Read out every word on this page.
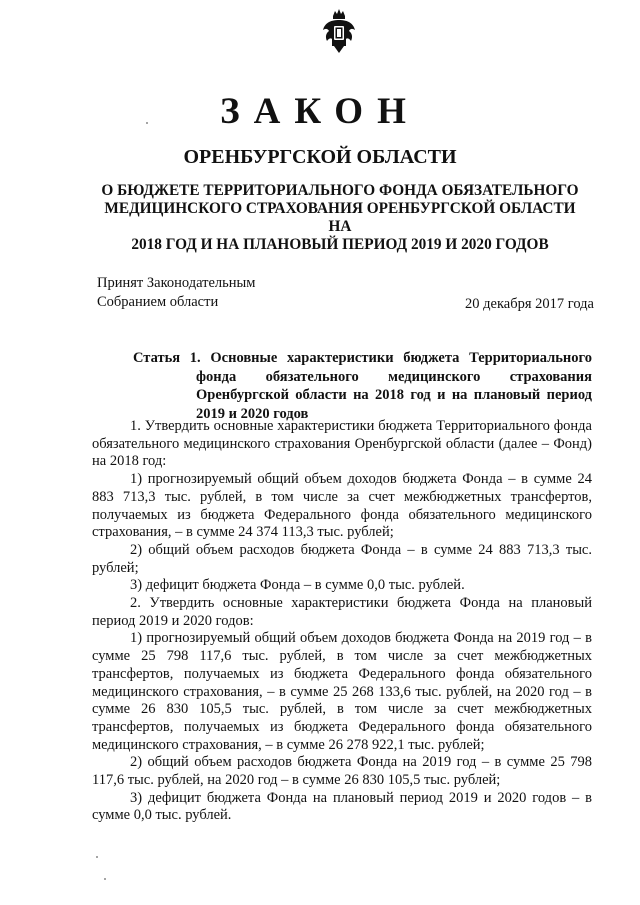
ЗАКОН
ОРЕНБУРГСКОЙ ОБЛАСТИ
О БЮДЖЕТЕ ТЕРРИТОРИАЛЬНОГО ФОНДА ОБЯЗАТЕЛЬНОГО
МЕДИЦИНСКОГО СТРАХОВАНИЯ ОРЕНБУРГСКОЙ ОБЛАСТИ НА
2018 ГОД И НА ПЛАНОВЫЙ ПЕРИОД 2019 И 2020 ГОДОВ
Принят Законодательным
Собранием области	20 декабря 2017 года
Статья 1. Основные характеристики бюджета Территориального
фонда обязательного медицинского страхования
Оренбургской области на 2018 год и на плановый период
2019 и 2020 годов

1. Утвердить основные характеристики бюджета Территориального фонда обязательного медицинского страхования Оренбургской области (далее – Фонд) на 2018 год:

1) прогнозируемый общий объем доходов бюджета Фонда – в сумме 24 883 713,3 тыс. рублей, в том числе за счет межбюджетных трансфертов, получаемых из бюджета Федерального фонда обязательного медицинского страхования, – в сумме 24 374 113,3 тыс. рублей;

2) общий объем расходов бюджета Фонда – в сумме 24 883 713,3 тыс. рублей;

3) дефицит бюджета Фонда – в сумме 0,0 тыс. рублей.

2. Утвердить основные характеристики бюджета Фонда на плановый период 2019 и 2020 годов:

1) прогнозируемый общий объем доходов бюджета Фонда на 2019 год – в сумме 25 798 117,6 тыс. рублей, в том числе за счет межбюджетных трансфертов, получаемых из бюджета Федерального фонда обязательного медицинского страхования, – в сумме 25 268 133,6 тыс. рублей, на 2020 год – в сумме 26 830 105,5 тыс. рублей, в том числе за счет межбюджетных трансфертов, получаемых из бюджета Федерального фонда обязательного медицинского страхования, – в сумме 26 278 922,1 тыс. рублей;

2) общий объем расходов бюджета Фонда на 2019 год – в сумме 25 798 117,6 тыс. рублей, на 2020 год – в сумме 26 830 105,5 тыс. рублей;

3) дефицит бюджета Фонда на плановый период 2019 и 2020 годов – в сумме 0,0 тыс. рублей.
